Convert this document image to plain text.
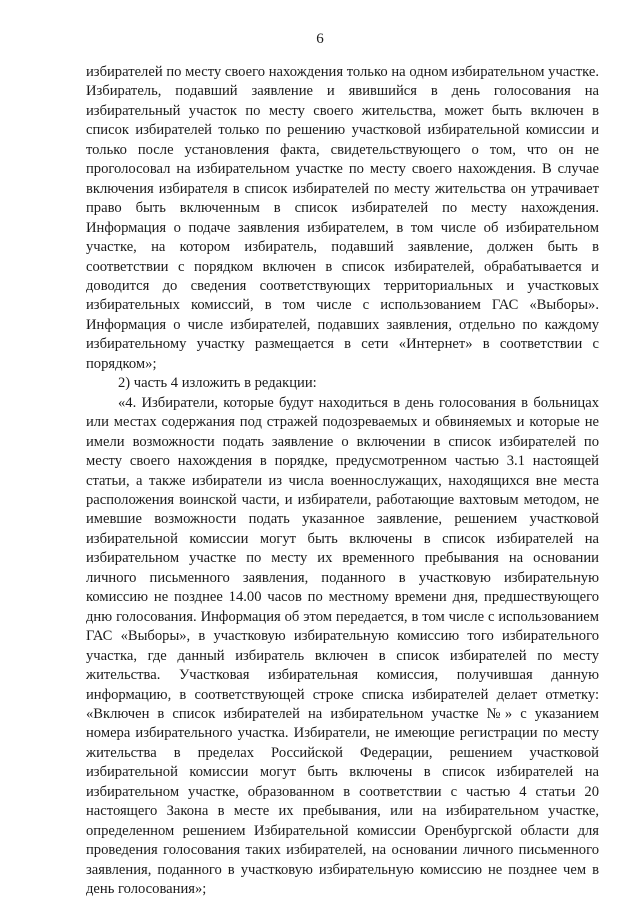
6

избирателей по месту своего нахождения только на одном избирательном участке. Избиратель, подавший заявление и явившийся в день голосования на избирательный участок по месту своего жительства, может быть включен в список избирателей только по решению участковой избирательной комиссии и только после установления факта, свидетельствующего о том, что он не проголосовал на избирательном участке по месту своего нахождения. В случае включения избирателя в список избирателей по месту жительства он утрачивает право быть включенным в список избирателей по месту нахождения. Информация о подаче заявления избирателем, в том числе об избирательном участке, на котором избиратель, подавший заявление, должен быть в соответствии с порядком включен в список избирателей, обрабатывается и доводится до сведения соответствующих территориальных и участковых избирательных комиссий, в том числе с использованием ГАС «Выборы». Информация о числе избирателей, подавших заявления, отдельно по каждому избирательному участку размещается в сети «Интернет» в соответствии с порядком»;

2) часть 4 изложить в редакции:

«4. Избиратели, которые будут находиться в день голосования в больницах или местах содержания под стражей подозреваемых и обвиняемых и которые не имели возможности подать заявление о включении в список избирателей по месту своего нахождения в порядке, предусмотренном частью 3.1 настоящей статьи, а также избиратели из числа военнослужащих, находящихся вне места расположения воинской части, и избиратели, работающие вахтовым методом, не имевшие возможности подать указанное заявление, решением участковой избирательной комиссии могут быть включены в список избирателей на избирательном участке по месту их временного пребывания на основании личного письменного заявления, поданного в участковую избирательную комиссию не позднее 14.00 часов по местному времени дня, предшествующего дню голосования. Информация об этом передается, в том числе с использованием ГАС «Выборы», в участковую избирательную комиссию того избирательного участка, где данный избиратель включен в список избирателей по месту жительства. Участковая избирательная комиссия, получившая данную информацию, в соответствующей строке списка избирателей делает отметку: «Включен в список избирателей на избирательном участке №» с указанием номера избирательного участка. Избиратели, не имеющие регистрации по месту жительства в пределах Российской Федерации, решением участковой избирательной комиссии могут быть включены в список избирателей на избирательном участке, образованном в соответствии с частью 4 статьи 20 настоящего Закона в месте их пребывания, или на избирательном участке, определенном решением Избирательной комиссии Оренбургской области для проведения голосования таких избирателей, на основании личного письменного заявления, поданного в участковую избирательную комиссию не позднее чем в день голосования»;
